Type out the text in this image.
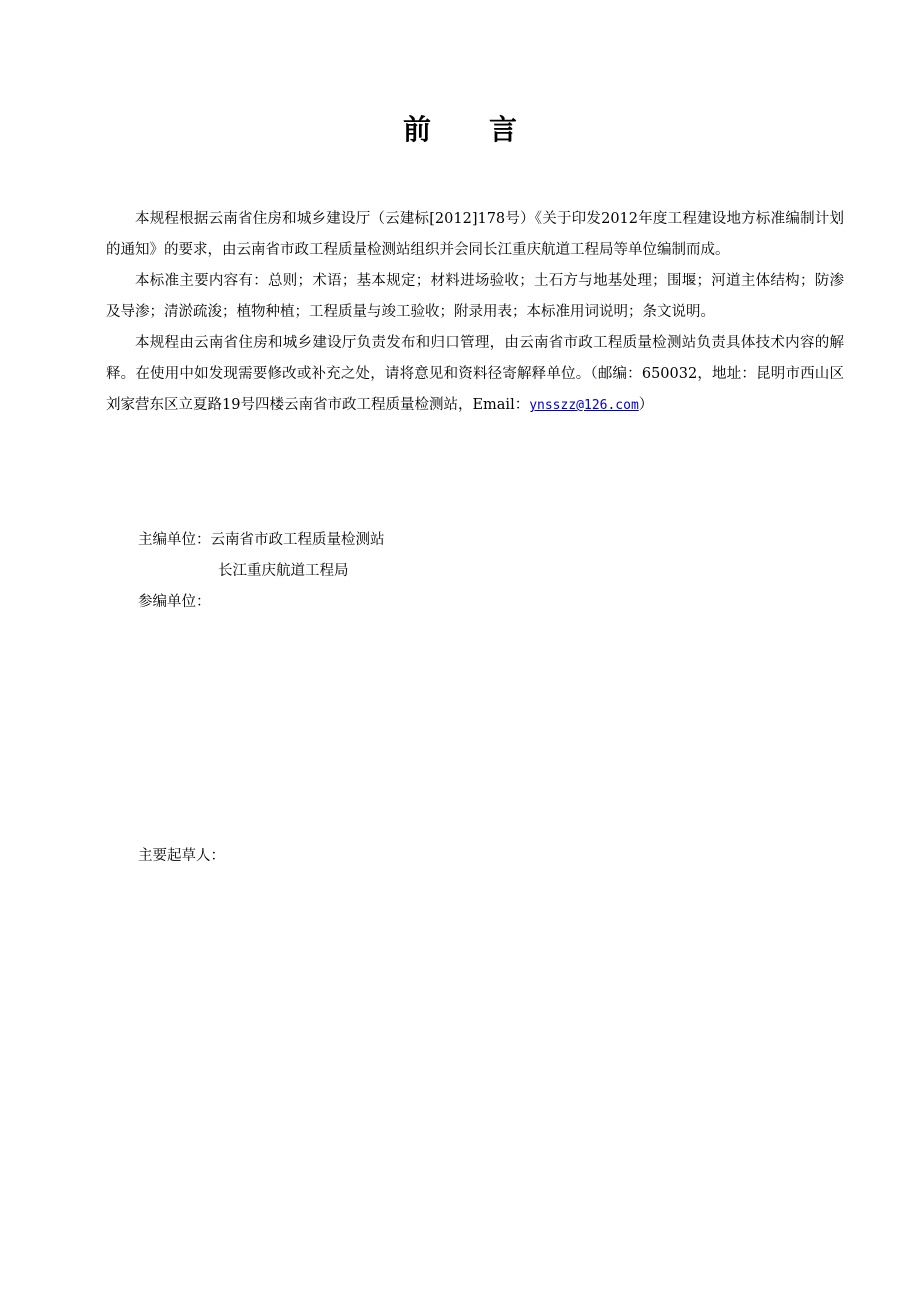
前 言

本规程根据云南省住房和城乡建设厅（云建标[2012]178号）《关于印发2012年度工程建设地方标准编制计划的通知》的要求，由云南省市政工程质量检测站组织并会同长江重庆航道工程局等单位编制而成。

本标准主要内容有：总则；术语；基本规定；材料进场验收；土石方与地基处理；围堰；河道主体结构；防渗及导渗；清淤疏浚；植物种植；工程质量与竣工验收；附录用表；本标准用词说明；条文说明。

本规程由云南省住房和城乡建设厅负责发布和归口管理，由云南省市政工程质量检测站负责具体技术内容的解释。在使用中如发现需要修改或补充之处，请将意见和资料径寄解释单位。（邮编：650032，地址：昆明市西山区刘家营东区立夏路19号四楼云南省市政工程质量检测站，Email：ynsszz@126.com）

主编单位：云南省市政工程质量检测站
长江重庆航道工程局
参编单位：
主要起草人：
